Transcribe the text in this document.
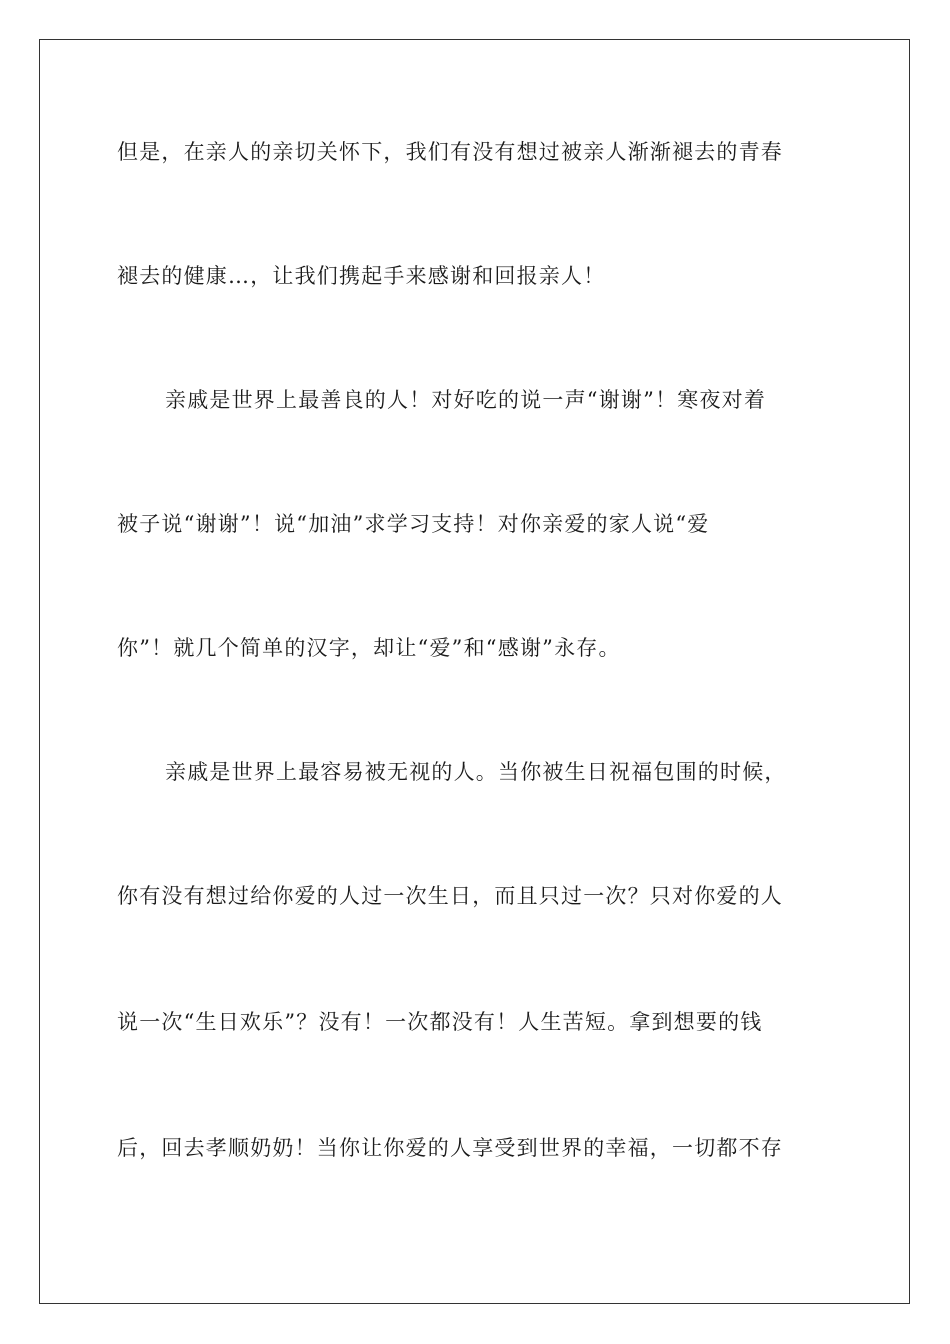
但是，在亲人的亲切关怀下，我们有没有想过被亲人渐渐褪去的青春
褪去的健康…，让我们携起手来感谢和回报亲人！
亲戚是世界上最善良的人！对好吃的说一声“谢谢”！寒夜对着
被子说“谢谢”！说“加油”求学习支持！对你亲爱的家人说“爱
你”！就几个简单的汉字，却让“爱”和“感谢”永存。
亲戚是世界上最容易被无视的人。当你被生日祝福包围的时候，
你有没有想过给你爱的人过一次生日，而且只过一次？只对你爱的人
说一次“生日欢乐”？没有！一次都没有！人生苦短。拿到想要的钱
后，回去孝顺奶奶！当你让你爱的人享受到世界的幸福，一切都不存
